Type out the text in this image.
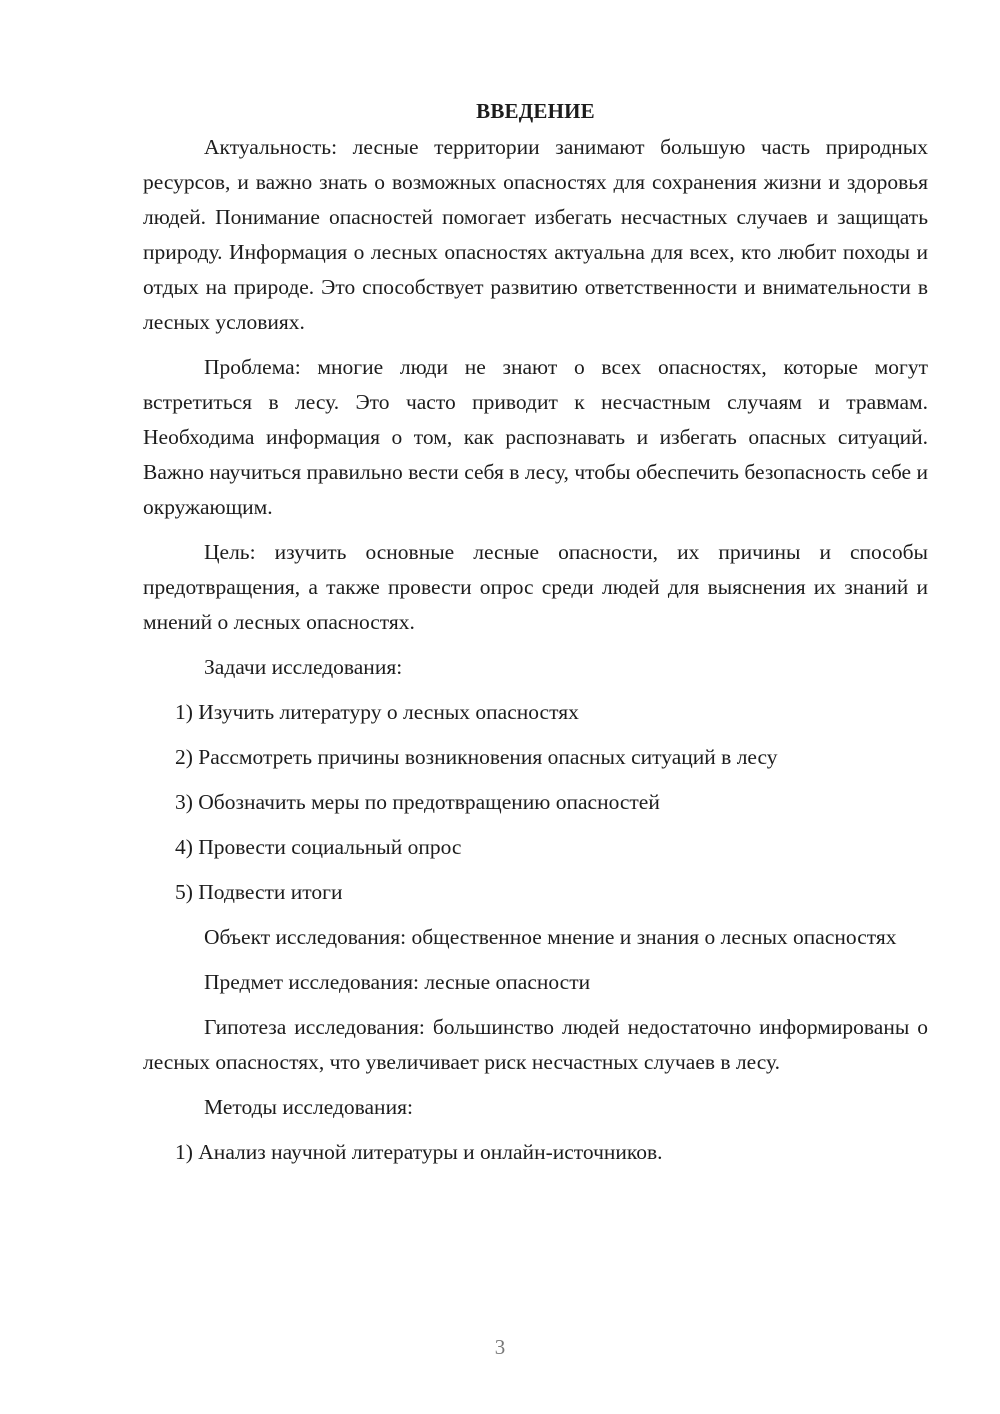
ВВЕДЕНИЕ

Актуальность: лесные территории занимают большую часть природных ресурсов, и важно знать о возможных опасностях для сохранения жизни и здоровья людей. Понимание опасностей помогает избегать несчастных случаев и защищать природу. Информация о лесных опасностях актуальна для всех, кто любит походы и отдых на природе. Это способствует развитию ответственности и внимательности в лесных условиях.

Проблема: многие люди не знают о всех опасностях, которые могут встретиться в лесу. Это часто приводит к несчастным случаям и травмам. Необходима информация о том, как распознавать и избегать опасных ситуаций. Важно научиться правильно вести себя в лесу, чтобы обеспечить безопасность себе и окружающим.

Цель: изучить основные лесные опасности, их причины и способы предотвращения, а также провести опрос среди людей для выяснения их знаний и мнений о лесных опасностях.

Задачи исследования:

1) Изучить литературу о лесных опасностях

2) Рассмотреть причины возникновения опасных ситуаций в лесу

3) Обозначить меры по предотвращению опасностей

4) Провести социальный опрос

5) Подвести итоги

Объект исследования: общественное мнение и знания о лесных опасностях

Предмет исследования: лесные опасности

Гипотеза исследования: большинство людей недостаточно информированы о лесных опасностях, что увеличивает риск несчастных случаев в лесу.

Методы исследования:

1) Анализ научной литературы и онлайн-источников.

3
